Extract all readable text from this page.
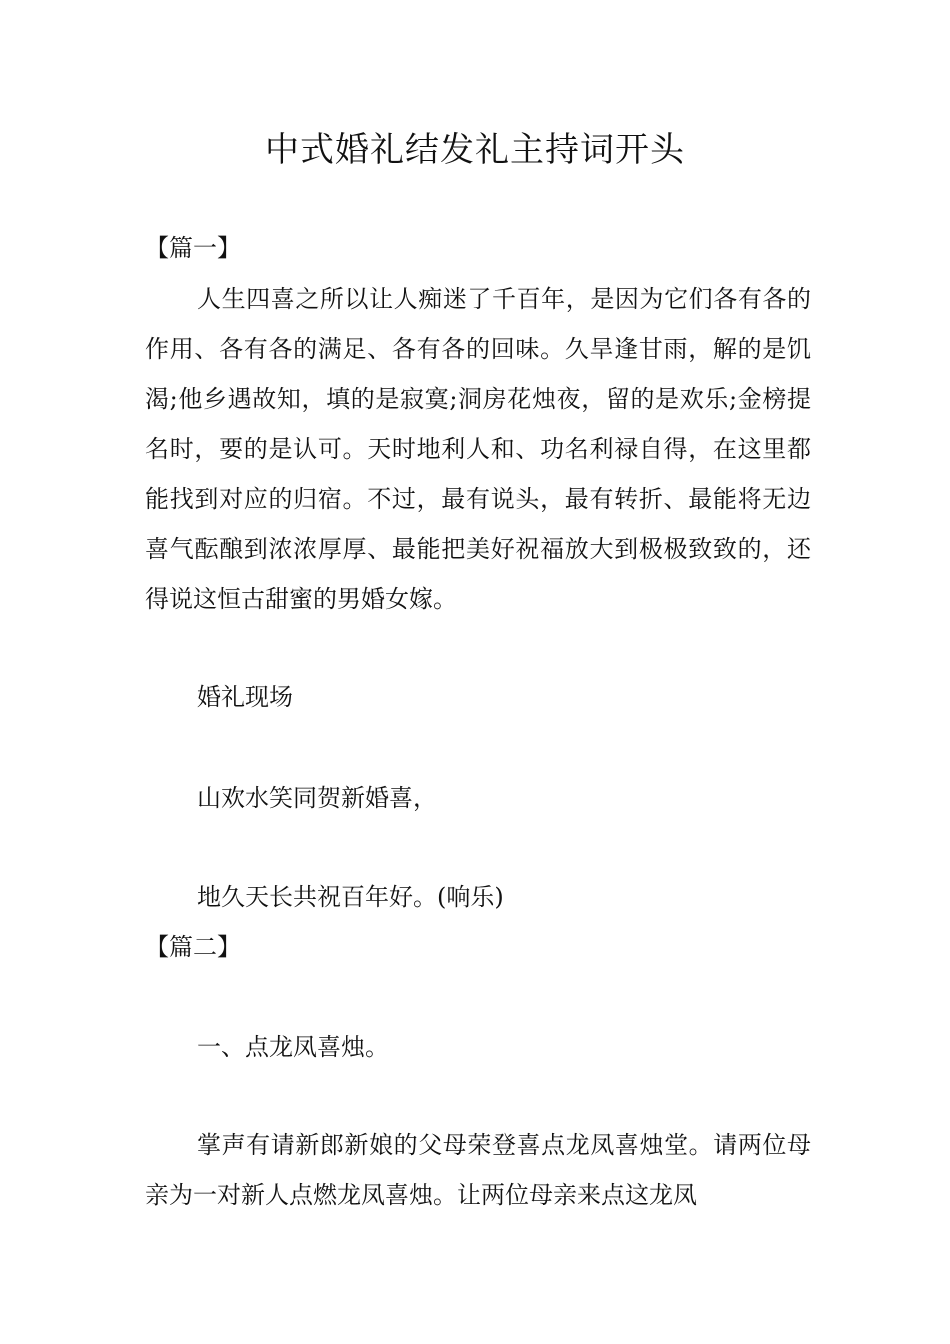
中式婚礼结发礼主持词开头

【篇一】

人生四喜之所以让人痴迷了千百年，是因为它们各有各的作用、各有各的满足、各有各的回味。久旱逢甘雨，解的是饥渴;他乡遇故知，填的是寂寞;洞房花烛夜，留的是欢乐;金榜提名时，要的是认可。天时地利人和、功名利禄自得，在这里都能找到对应的归宿。不过，最有说头，最有转折、最能将无边喜气酝酿到浓浓厚厚、最能把美好祝福放大到极极致致的，还得说这恒古甜蜜的男婚女嫁。

婚礼现场

山欢水笑同贺新婚喜，

地久天长共祝百年好。(响乐)

【篇二】

一、点龙凤喜烛。

掌声有请新郎新娘的父母荣登喜点龙凤喜烛堂。请两位母亲为一对新人点燃龙凤喜烛。让两位母亲来点这龙凤
